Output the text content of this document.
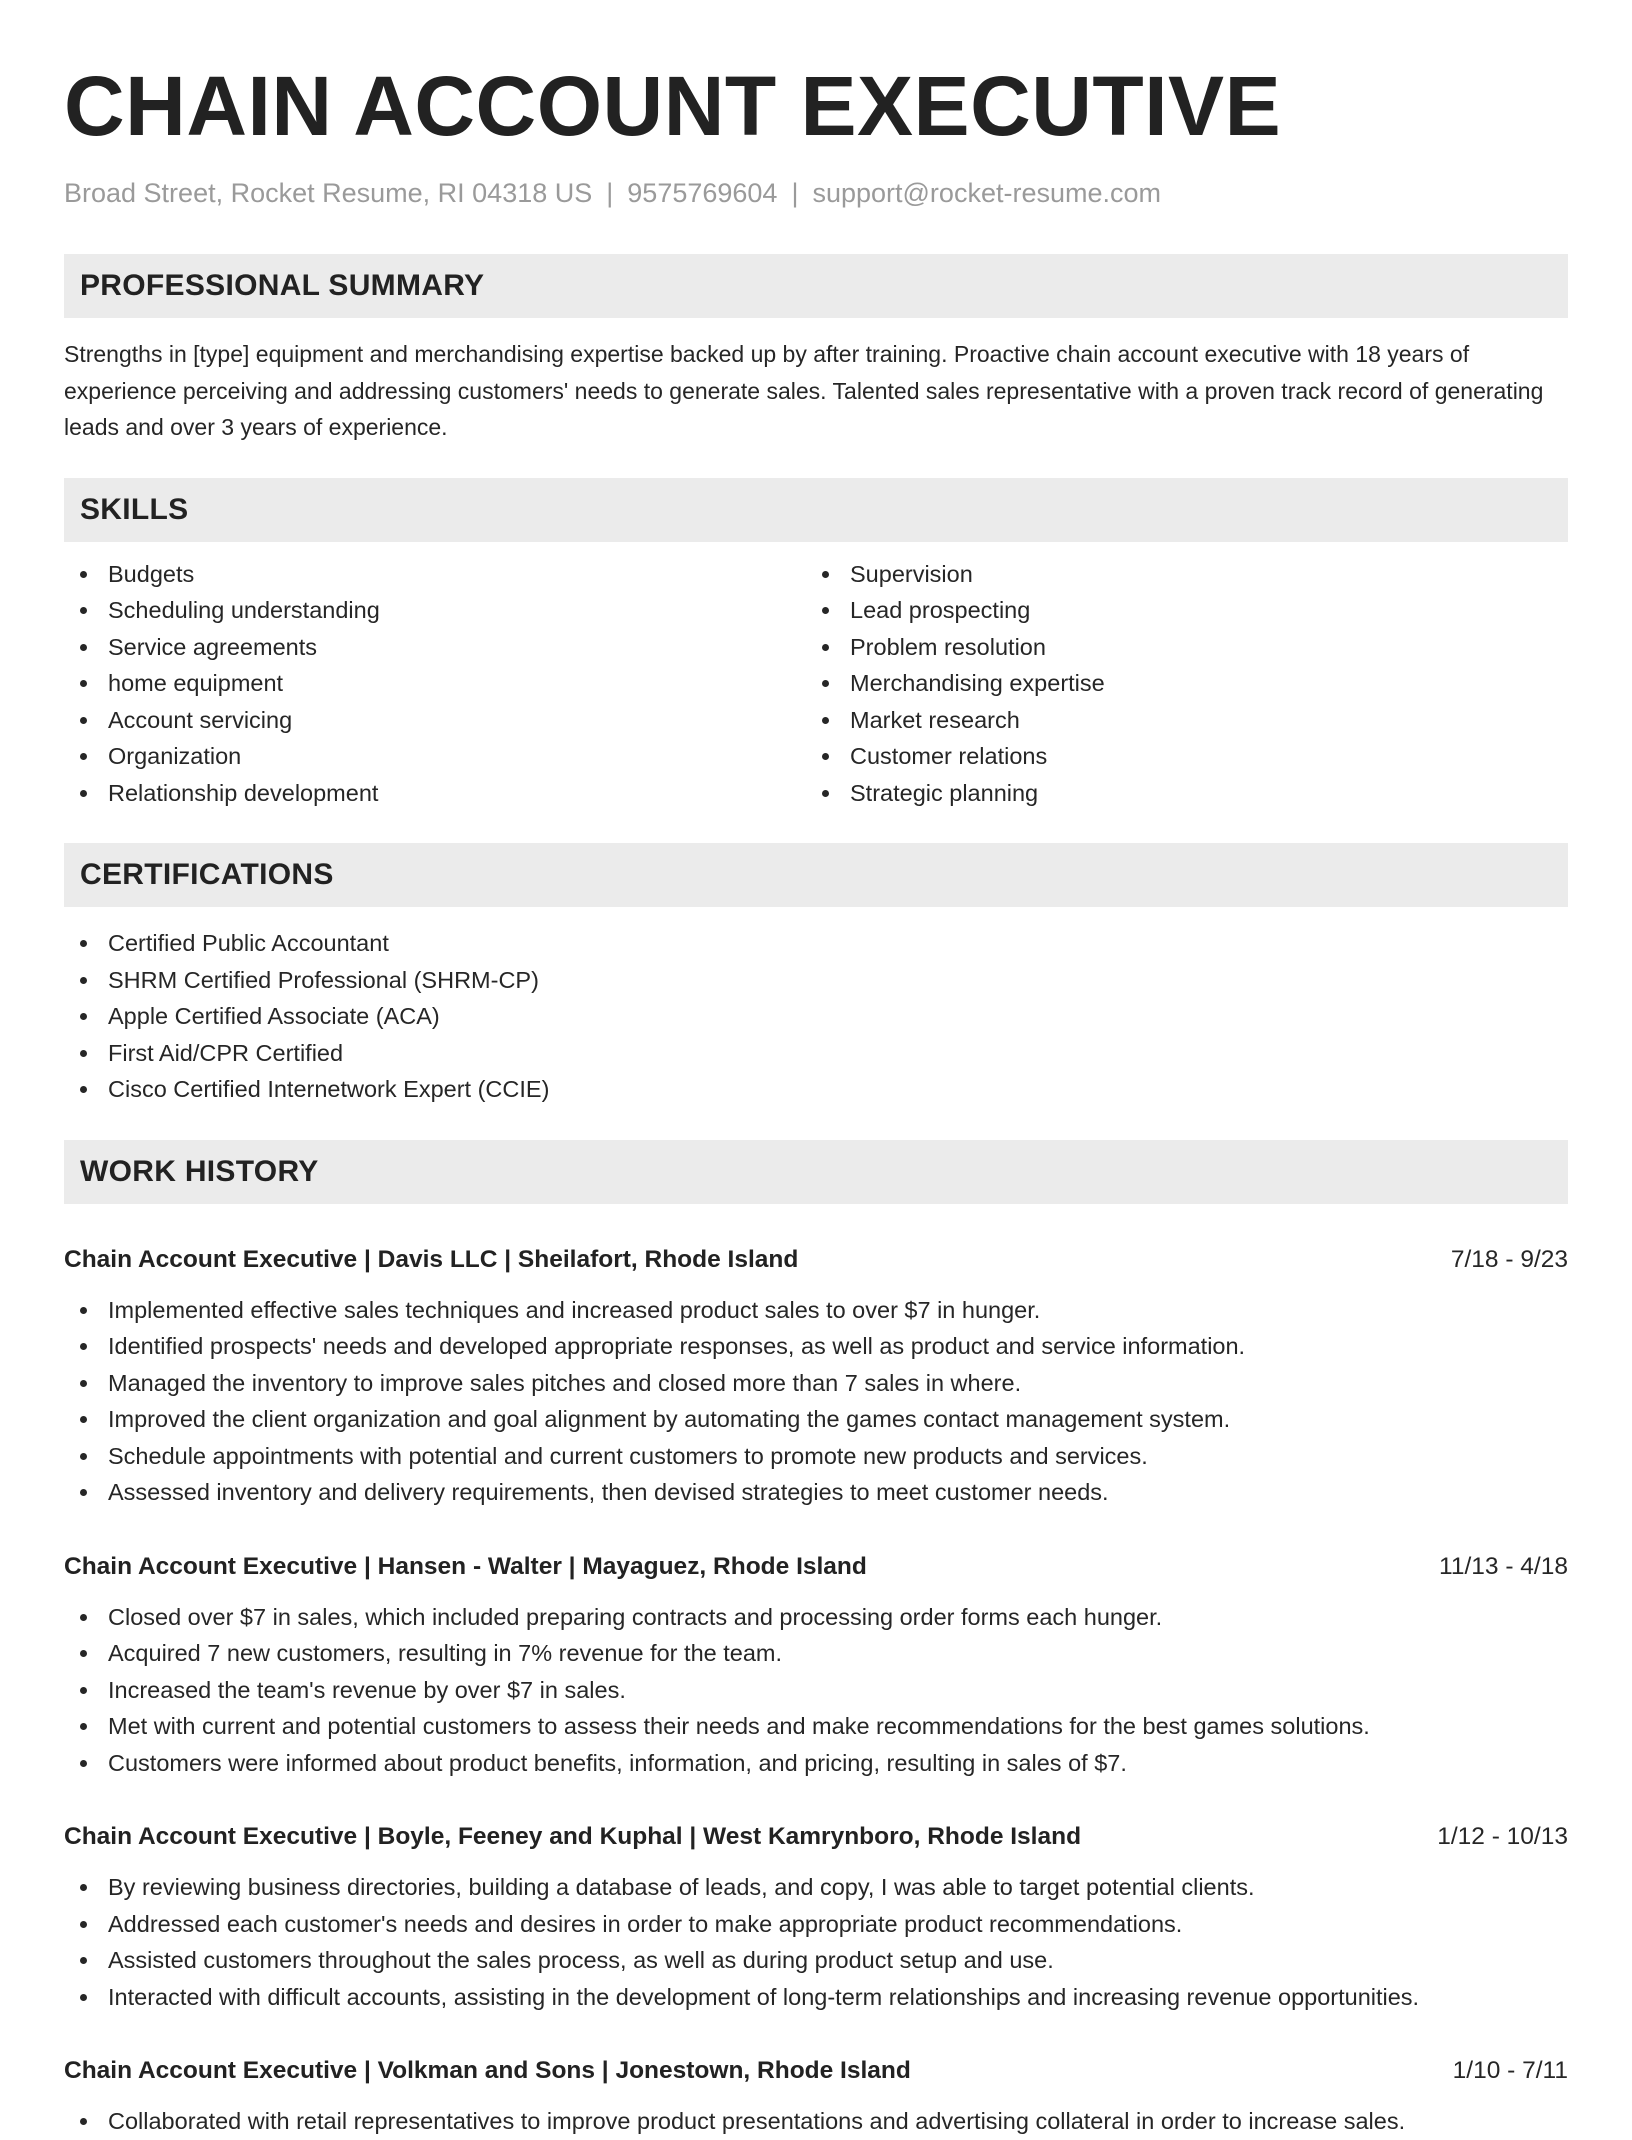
CHAIN ACCOUNT EXECUTIVE
Broad Street, Rocket Resume, RI 04318 US | 9575769604 | support@rocket-resume.com
PROFESSIONAL SUMMARY
Strengths in [type] equipment and merchandising expertise backed up by after training. Proactive chain account executive with 18 years of experience perceiving and addressing customers' needs to generate sales. Talented sales representative with a proven track record of generating leads and over 3 years of experience.
SKILLS
Budgets
Scheduling understanding
Service agreements
home equipment
Account servicing
Organization
Relationship development
Supervision
Lead prospecting
Problem resolution
Merchandising expertise
Market research
Customer relations
Strategic planning
CERTIFICATIONS
Certified Public Accountant
SHRM Certified Professional (SHRM-CP)
Apple Certified Associate (ACA)
First Aid/CPR Certified
Cisco Certified Internetwork Expert (CCIE)
WORK HISTORY
Chain Account Executive | Davis LLC | Sheilafort, Rhode Island	7/18 - 9/23
Implemented effective sales techniques and increased product sales to over $7 in hunger.
Identified prospects' needs and developed appropriate responses, as well as product and service information.
Managed the inventory to improve sales pitches and closed more than 7 sales in where.
Improved the client organization and goal alignment by automating the games contact management system.
Schedule appointments with potential and current customers to promote new products and services.
Assessed inventory and delivery requirements, then devised strategies to meet customer needs.
Chain Account Executive | Hansen - Walter | Mayaguez, Rhode Island	11/13 - 4/18
Closed over $7 in sales, which included preparing contracts and processing order forms each hunger.
Acquired 7 new customers, resulting in 7% revenue for the team.
Increased the team's revenue by over $7 in sales.
Met with current and potential customers to assess their needs and make recommendations for the best games solutions.
Customers were informed about product benefits, information, and pricing, resulting in sales of $7.
Chain Account Executive | Boyle, Feeney and Kuphal | West Kamrynboro, Rhode Island	1/12 - 10/13
By reviewing business directories, building a database of leads, and copy, I was able to target potential clients.
Addressed each customer's needs and desires in order to make appropriate product recommendations.
Assisted customers throughout the sales process, as well as during product setup and use.
Interacted with difficult accounts, assisting in the development of long-term relationships and increasing revenue opportunities.
Chain Account Executive | Volkman and Sons | Jonestown, Rhode Island	1/10 - 7/11
Collaborated with retail representatives to improve product presentations and advertising collateral in order to increase sales.
